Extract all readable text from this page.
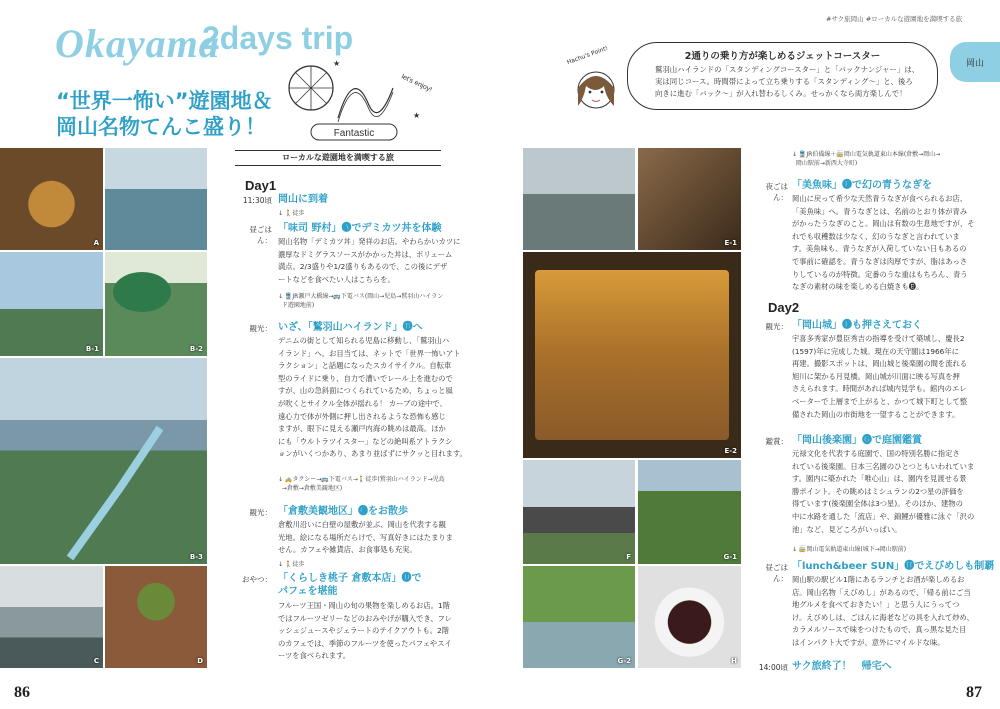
Okayama
2days trip
#サク旅岡山 #ローカルな遊園地を満喫する旅
岡山
“世界一怖い”遊園地＆
岡山名物てんこ盛り！	Fantastic
let's enjoy!
★
★
ローカルな遊園地を満喫する旅
A
B-1	B-2
B-3
C	D
Day1
11:30頃 岡山に到着
↓ 🚶徒歩
昼ごはん：
「味司 野村」🅐でデミカツ丼を体験
岡山名物「デミカツ丼」発祥のお店。やわらかいカツに
濃厚なドミグラスソースがかかった丼は、ボリューム
満点。2/3盛りや1/2盛りもあるので、この後にデザ
ートなどを食べたい人はこちらを。
↓ 🚆JR瀬戸大橋線→🚌下電バス(岡山→児島→鷲羽山ハイラン
ド遊園地前)
観光： いざ、「鷲羽山ハイランド」🅑へ
デニムの街として知られる児島に移動し、「鷲羽山ハ
イランド」へ。お目当ては、ネットで「世界一怖いアト
ラクション」と話題になったスカイサイクル。自転車
型のライドに乗り、自力で漕いでレール上を進むので
すが、山の急斜面につくられているため、ちょっと風
が吹くとサイクル全体が揺れる！ カーブの途中で、
遠心力で体が外側に押し出されるような恐怖も感じ
ますが、眼下に見える瀬戸内海の眺めは最高。ほか
にも「ウルトラツイスター」などの絶叫系アトラクシ
ョンがいくつかあり、あまり並ばずにサクッと目れます。
↓ 🚕タクシー→🚌下電バス→🚶徒歩(鷲羽山ハイランド→児島
→倉敷→倉敷美観地区)
観光： 「倉敷美観地区」🅒をお散歩
倉敷川沿いに白壁の屋敷が並ぶ、岡山を代表する観
光地。絵になる場所だらけで、写真好きにはたまりま
せん。カフェや雑貨店、お食事処も充実。
↓ 🚶徒歩
おやつ： 「くらしき桃子 倉敷本店」🅓で
パフェを堪能
フルーツ王国・岡山の旬の果物を楽しめるお店。1階
ではフルーツゼリーなどのおみやげが購入でき、フレ
ッシュジュースやジェラートのテイクアウトも。2階
のカフェでは、季節のフルーツを使ったパフェやスイ
ーツを食べられます。
86
E-1
E-2
F	G-1
G-2	H
Hachu's Point!	2通りの乗り方が楽しめるジェットコースター
鷲羽山ハイランドの「スタンディングコースター」と「バックナンジャー」は、
実は同じコース。時間帯によって立ち乗りする「スタンディング〜」と、後ろ
向きに進む「バック〜」が入れ替わるしくみ。せっかくなら両方楽しんで！
↓ 🚆JR伯備線＋🚋岡山電気軌道東山本線(倉敷→岡山→
岡山駅前→新西大寺町)
夜ごはん：
「美魚味」🅔で幻の青うなぎを
岡山に戻って希少な天然青うなぎが食べられるお店、
「美魚味」へ。青うなぎとは、名前のとおり体が青み
がかったうなぎのこと。岡山は有数の生息地ですが、そ
れでも収穫数は少なく、幻のうなぎと言われていま
す。美魚味も、青うなぎが入荷していない日もあるの
で事前に確認を。青うなぎは肉厚ですが、脂はあっさ
りしているのが特徴。定番のうな重はもちろん、青う
なぎの素材の味を楽しめる白焼きも🅔。
Day2
観光： 「岡山城」🅕も押さえておく
宇喜多秀家が豊臣秀吉の指導を受けて築城し、慶長2
(1597)年に完成した城。現在の天守閣は1966年に
再建。撮影スポットは、岡山城と後楽園の間を流れる
旭川に架かる月見橋。岡山城が川面に映る写真を押
さえられます。時間があれば城内見学も。館内のエレ
ベーターで上層まで上がると、かつて城下町として整
備された岡山の市街地を一望することができます。
鑑賞： 「岡山後楽園」🅖で庭園鑑賞
元禄文化を代表する庭園で、国の特別名勝に指定さ
れている後楽園。日本三名園のひとつともいわれていま
す。園内に築かれた「唯心山」は、園内を見渡せる景
勝ポイント。その眺めはミシュランの2つ星の評価を
得ています(後楽園全体は3つ星)。そのほか、建物の
中に水路を通した「流店」や、錦鯉が優雅に泳ぐ「沢の
池」など、見どころがいっぱい。
↓ 🚋岡山電気軌道東山線(城下→岡山駅前)
昼ごはん：
「lunch&beer SUN」🅗でえびめしも制覇
岡山駅の駅ビル1階にあるランチとお酒が楽しめるお
店。岡山名物「えびめし」があるので、「帰る前にご当
地グルメを食べておきたい！」と思う人にうってつ
け。えびめしは、ごはんに海老などの具を入れて炒め、
カラメルソースで味をつけたもので、真っ黒な見た目
はインパクト大ですが、意外にマイルドな味。
14:00頃 サク旅終了！　帰宅へ
87
